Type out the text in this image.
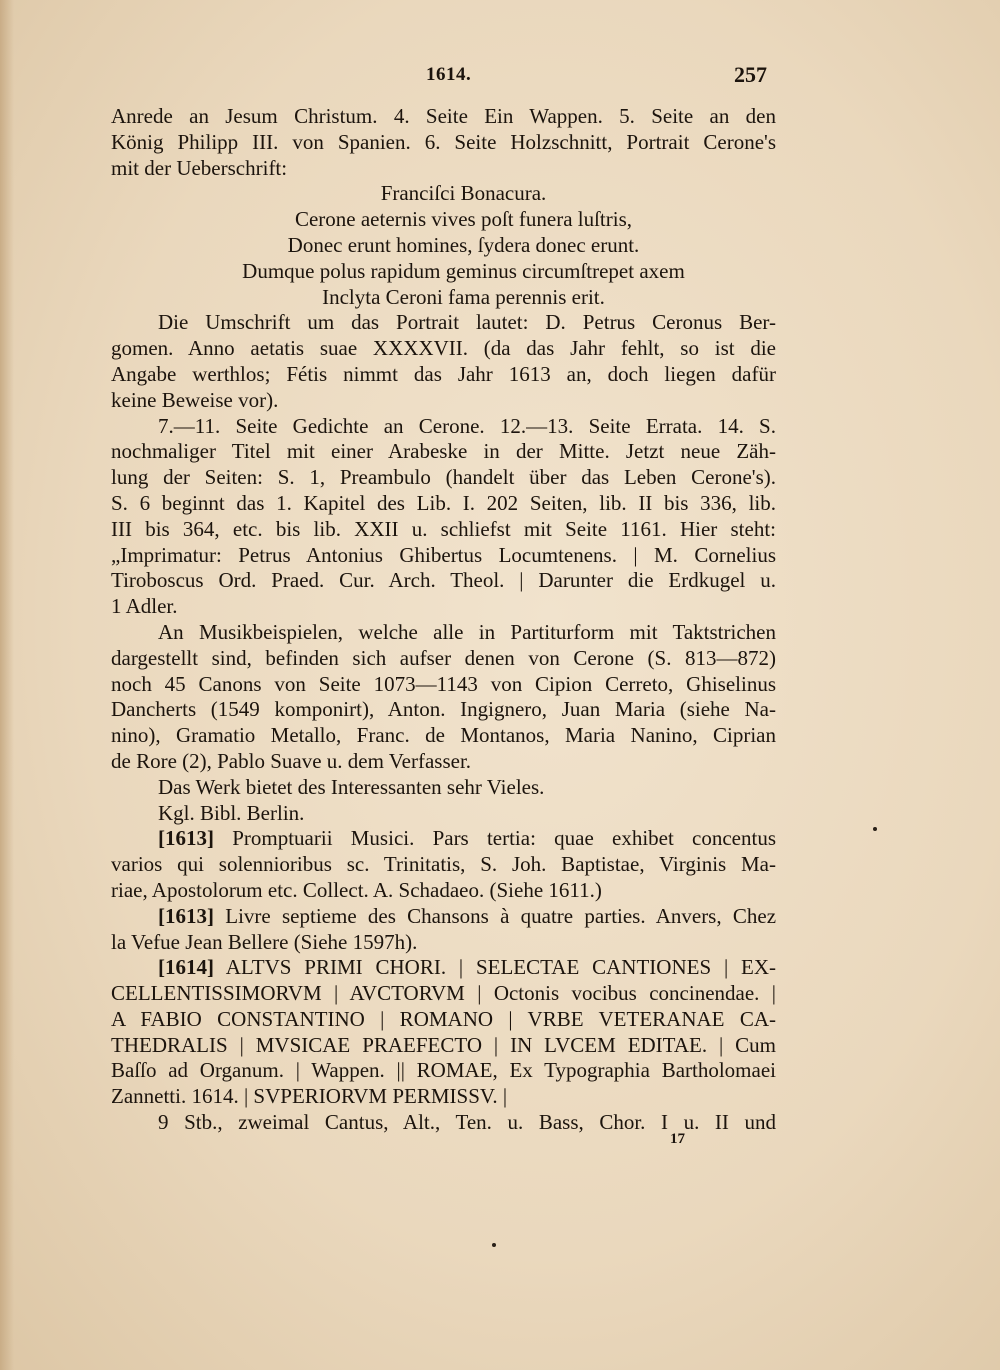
1614.	257
Anrede an Jesum Christum. 4. Seite Ein Wappen. 5. Seite an den
König Philipp III. von Spanien. 6. Seite Holzschnitt, Portrait Cerone's
mit der Ueberschrift:
Franciſci Bonacura.
Cerone aeternis vives poſt funera luſtris,
Donec erunt homines, ſydera donec erunt.
Dumque polus rapidum geminus circumſtrepet axem
Inclyta Ceroni fama perennis erit.
Die Umschrift um das Portrait lautet: D. Petrus Ceronus Ber-
gomen. Anno aetatis suae XXXXVII. (da das Jahr fehlt, so ist die
Angabe werthlos; Fétis nimmt das Jahr 1613 an, doch liegen dafür
keine Beweise vor).
7.—11. Seite Gedichte an Cerone. 12.—13. Seite Errata. 14. S.
nochmaliger Titel mit einer Arabeske in der Mitte. Jetzt neue Zäh-
lung der Seiten: S. 1, Preambulo (handelt über das Leben Cerone's).
S. 6 beginnt das 1. Kapitel des Lib. I. 202 Seiten, lib. II bis 336, lib.
III bis 364, etc. bis lib. XXII u. schliefst mit Seite 1161. Hier steht:
„Imprimatur: Petrus Antonius Ghibertus Locumtenens. | M. Cornelius
Tiroboscus Ord. Praed. Cur. Arch. Theol. | Darunter die Erdkugel u.
1 Adler.
An Musikbeispielen, welche alle in Partiturform mit Taktstrichen
dargestellt sind, befinden sich aufser denen von Cerone (S. 813—872)
noch 45 Canons von Seite 1073—1143 von Cipion Cerreto, Ghiselinus
Dancherts (1549 komponirt), Anton. Ingignero, Juan Maria (siehe Na-
nino), Gramatio Metallo, Franc. de Montanos, Maria Nanino, Ciprian
de Rore (2), Pablo Suave u. dem Verfasser.
Das Werk bietet des Interessanten sehr Vieles.
Kgl. Bibl. Berlin.
[1613] Promptuarii Musici. Pars tertia: quae exhibet concentus
varios qui solennioribus sc. Trinitatis, S. Joh. Baptistae, Virginis Ma-
riae, Apostolorum etc. Collect. A. Schadaeo. (Siehe 1611.)
[1613] Livre septieme des Chansons à quatre parties. Anvers, Chez
la Vefue Jean Bellere (Siehe 1597h).
[1614] ALTVS PRIMI CHORI. | SELECTAE CANTIONES | EX-
CELLENTISSIMORVM | AVCTORVM | Octonis vocibus concinendae. |
A FABIO CONSTANTINO | ROMANO | VRBE VETERANAE CA-
THEDRALIS | MVSICAE PRAEFECTO | IN LVCEM EDITAE. | Cum
Baſſo ad Organum. | Wappen. || ROMAE, Ex Typographia Bartholomaei
Zannetti. 1614. | SVPERIORVM PERMISSV. |
9 Stb., zweimal Cantus, Alt., Ten. u. Bass, Chor. I u. II und
17
